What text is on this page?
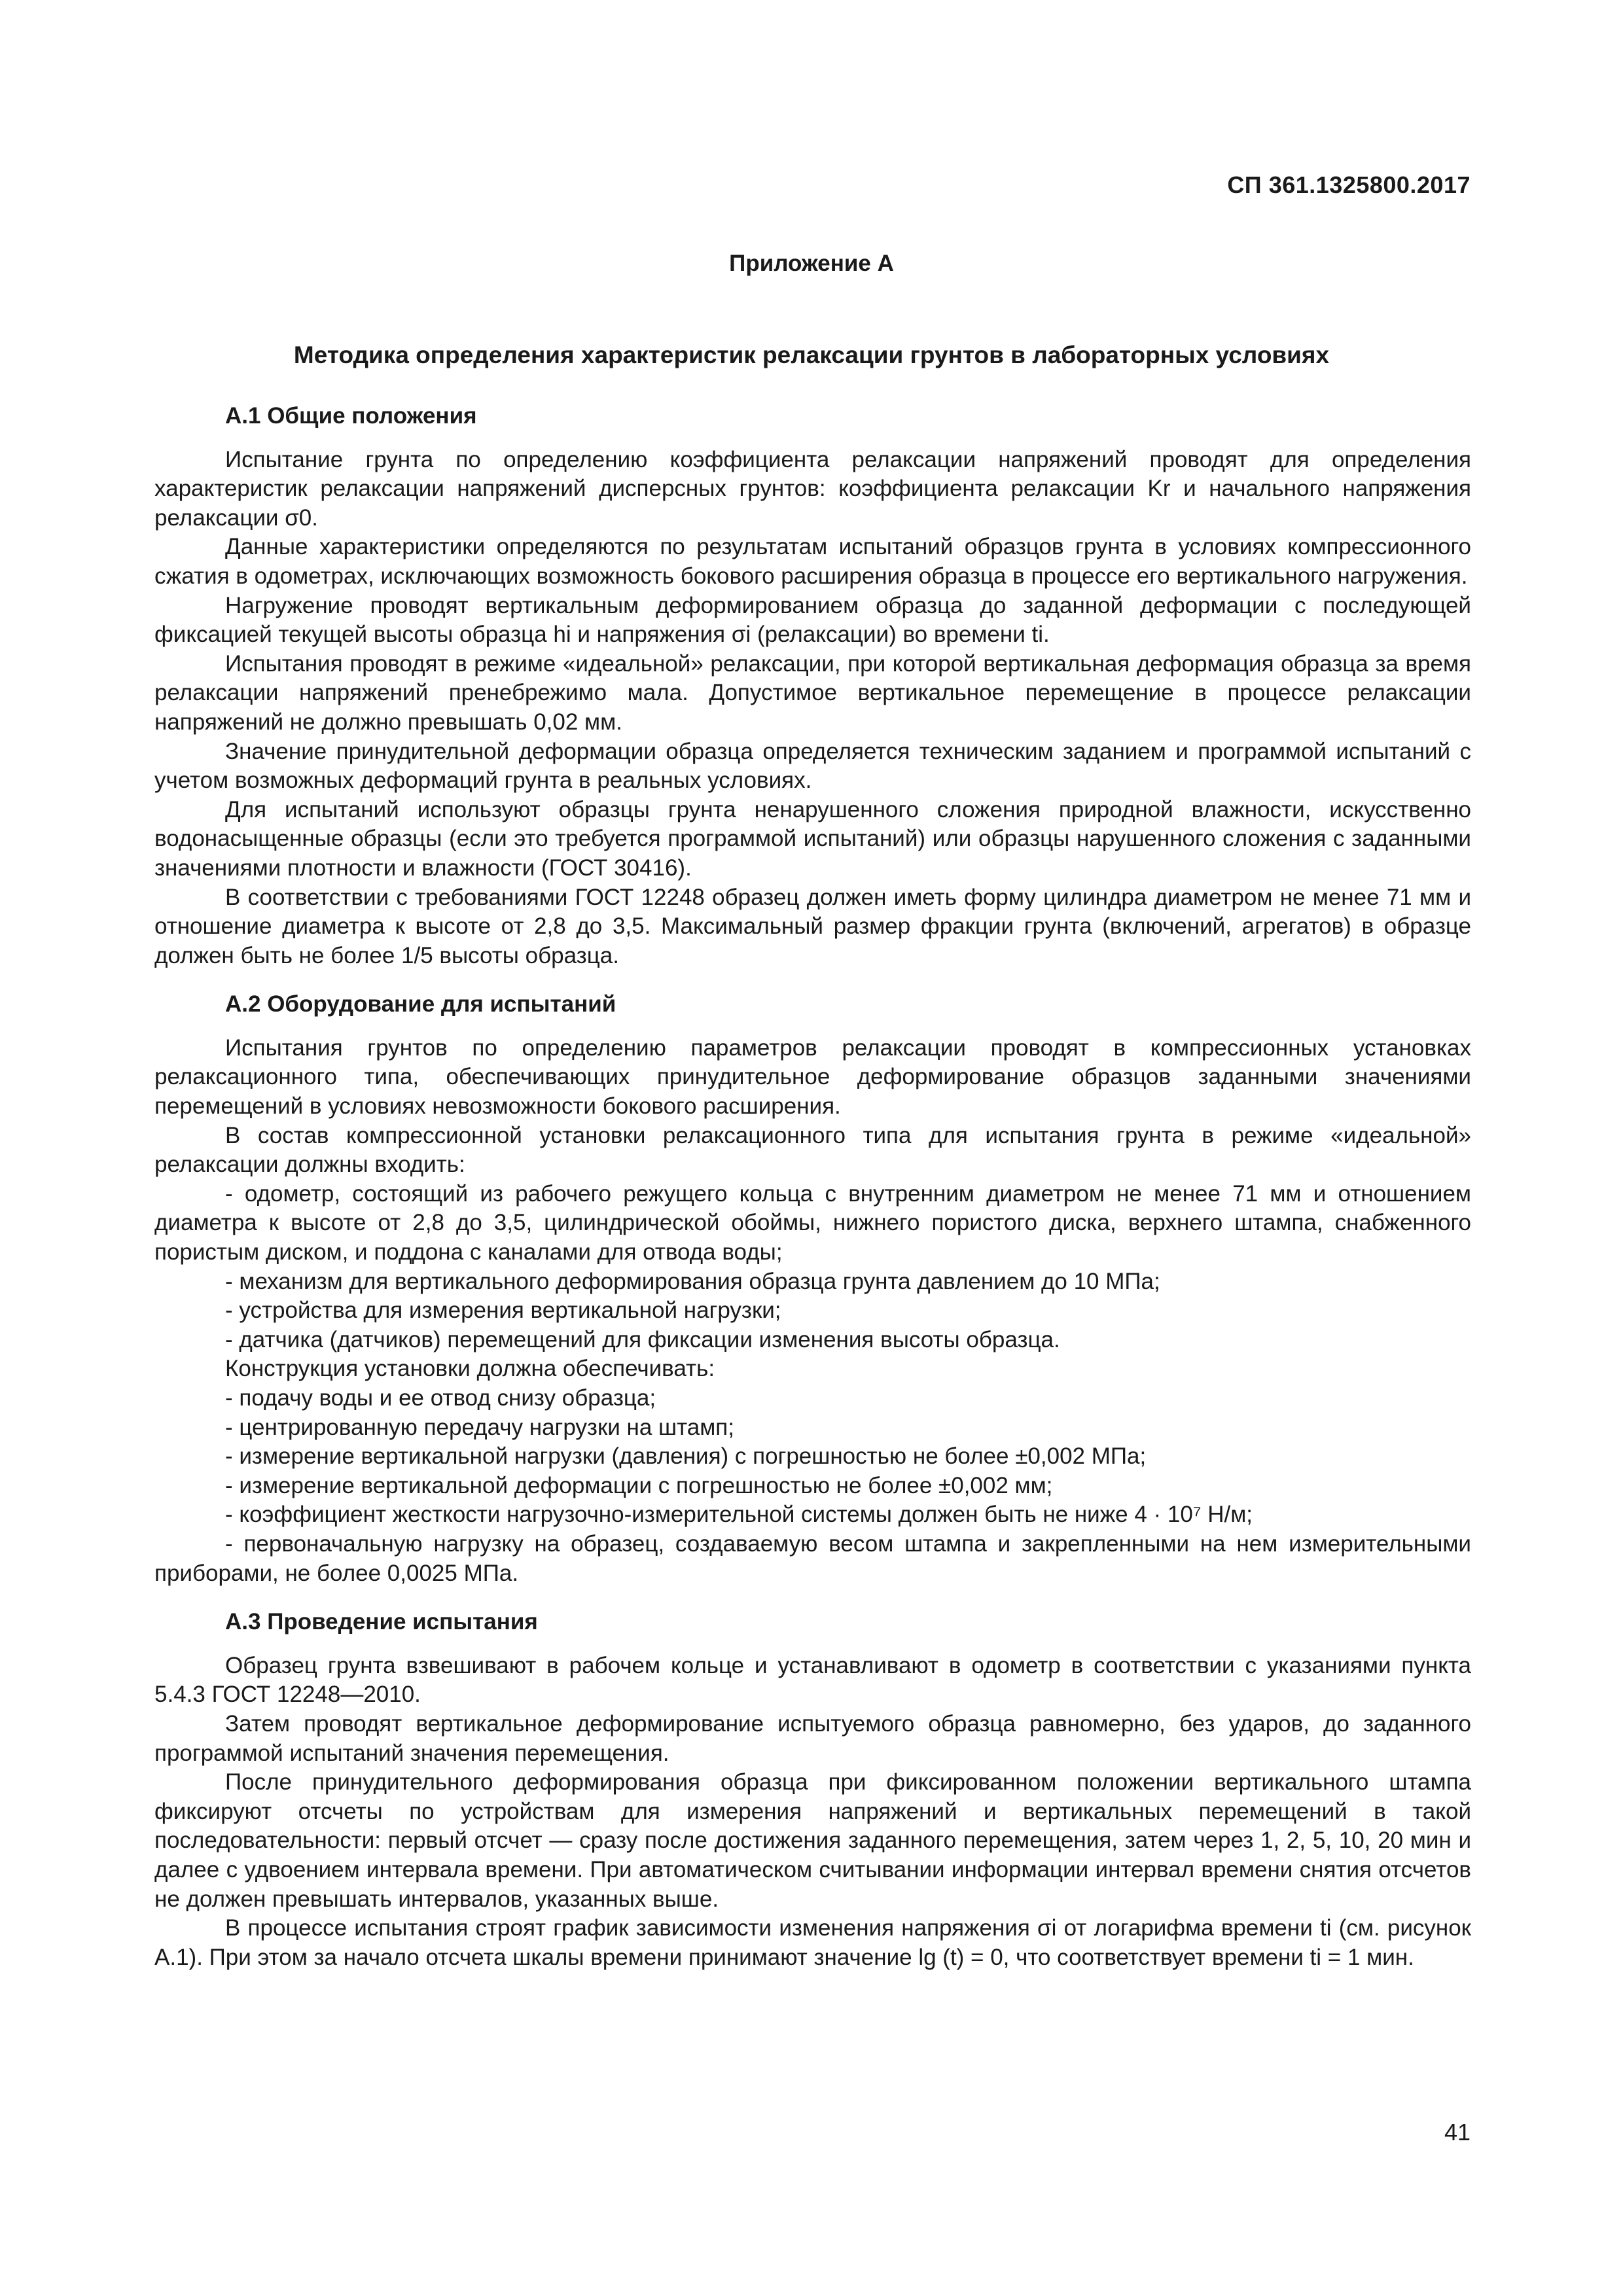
СП 361.1325800.2017
Приложение А
Методика определения характеристик релаксации грунтов в лабораторных условиях
А.1 Общие положения

Испытание грунта по определению коэффициента релаксации напряжений проводят для определения характеристик релаксации напряжений дисперсных грунтов: коэффициента релаксации Kr и начального напряжения релаксации σ0.

Данные характеристики определяются по результатам испытаний образцов грунта в условиях компрессионного сжатия в одометрах, исключающих возможность бокового расширения образца в процессе его вертикального нагружения.

Нагружение проводят вертикальным деформированием образца до заданной деформации с последующей фиксацией текущей высоты образца hi и напряжения σi (релаксации) во времени ti.

Испытания проводят в режиме «идеальной» релаксации, при которой вертикальная деформация образца за время релаксации напряжений пренебрежимо мала. Допустимое вертикальное перемещение в процессе релаксации напряжений не должно превышать 0,02 мм.

Значение принудительной деформации образца определяется техническим заданием и программой испытаний с учетом возможных деформаций грунта в реальных условиях.

Для испытаний используют образцы грунта ненарушенного сложения природной влажности, искусственно водонасыщенные образцы (если это требуется программой испытаний) или образцы нарушенного сложения с заданными значениями плотности и влажности (ГОСТ 30416).

В соответствии с требованиями ГОСТ 12248 образец должен иметь форму цилиндра диаметром не менее 71 мм и отношение диаметра к высоте от 2,8 до 3,5. Максимальный размер фракции грунта (включений, агрегатов) в образце должен быть не более 1/5 высоты образца.

А.2 Оборудование для испытаний

Испытания грунтов по определению параметров релаксации проводят в компрессионных установках релаксационного типа, обеспечивающих принудительное деформирование образцов заданными значениями перемещений в условиях невозможности бокового расширения.

В состав компрессионной установки релаксационного типа для испытания грунта в режиме «идеальной» релаксации должны входить:

- одометр, состоящий из рабочего режущего кольца с внутренним диаметром не менее 71 мм и отношением диаметра к высоте от 2,8 до 3,5, цилиндрической обоймы, нижнего пористого диска, верхнего штампа, снабженного пористым диском, и поддона с каналами для отвода воды;

- механизм для вертикального деформирования образца грунта давлением до 10 МПа;

- устройства для измерения вертикальной нагрузки;

- датчика (датчиков) перемещений для фиксации изменения высоты образца.

Конструкция установки должна обеспечивать:

- подачу воды и ее отвод снизу образца;

- центрированную передачу нагрузки на штамп;

- измерение вертикальной нагрузки (давления) с погрешностью не более ±0,002 МПа;

- измерение вертикальной деформации с погрешностью не более ±0,002 мм;

- коэффициент жесткости нагрузочно-измерительной системы должен быть не ниже 4 · 10⁷ Н/м;

- первоначальную нагрузку на образец, создаваемую весом штампа и закрепленными на нем измерительными приборами, не более 0,0025 МПа.

А.3 Проведение испытания

Образец грунта взвешивают в рабочем кольце и устанавливают в одометр в соответствии с указаниями пункта 5.4.3 ГОСТ 12248—2010.

Затем проводят вертикальное деформирование испытуемого образца равномерно, без ударов, до заданного программой испытаний значения перемещения.

После принудительного деформирования образца при фиксированном положении вертикального штампа фиксируют отсчеты по устройствам для измерения напряжений и вертикальных перемещений в такой последовательности: первый отсчет — сразу после достижения заданного перемещения, затем через 1, 2, 5, 10, 20 мин и далее с удвоением интервала времени. При автоматическом считывании информации интервал времени снятия отсчетов не должен превышать интервалов, указанных выше.

В процессе испытания строят график зависимости изменения напряжения σi от логарифма времени ti (см. рисунок А.1). При этом за начало отсчета шкалы времени принимают значение lg (t) = 0, что соответствует времени ti = 1 мин.

41
